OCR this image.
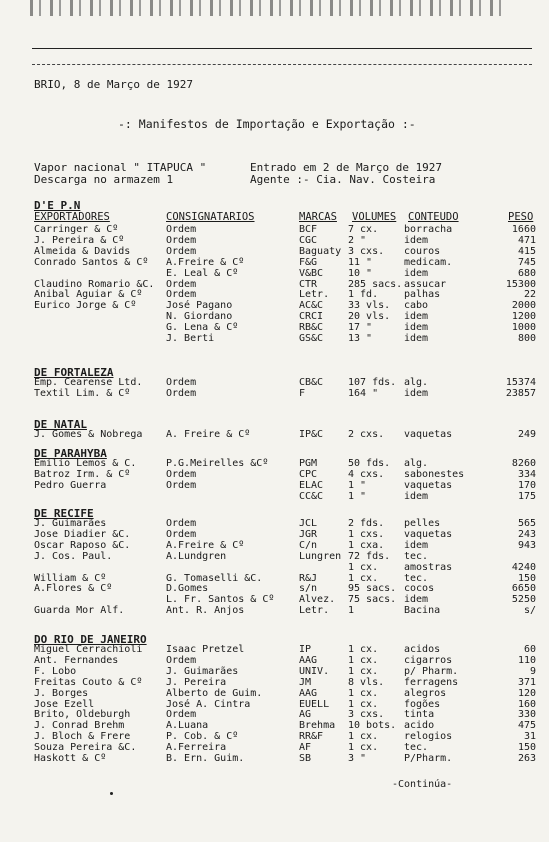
BRIO, 8 de Março de 1927
-: Manifestos de Importação e Exportação :-
Vapor nacional " ITAPUCA "
Descarga no armazem 1
Entrado em 2 de Março de 1927
Agente :- Cia. Nav. Costeira
EXPORTADORES	CONSIGNATARIOS	MARCAS VOLUMES CONTEUDO	PESO
D'E P.N
Carringer & Cº	Ordem	BCF	7 cx.	borracha	1660
J. Pereira & Cº	Ordem	CGC	2 "	idem	471
Almeida & Davids	Ordem	Baguaty 3 cxs.	couros	415
Conrado Santos & Cº	A.Freire & Cº	F&G	11 "	medicam.	745
E. Leal & Cº	V&BC	10 "	idem	680
Claudino Romario &C.	Ordem	CTR	285 sacs. assucar	15300
Anibal Aguiar & Cº	Ordem	Letr.	1 fd.	palhas	22
Eurico Jorge & Cº	José Pagano	AC&C	33 vls.	cabo	2000
N. Giordano	CRCI	20 vls.	idem	1200
G. Lena & Cº	RB&C	17 "	idem	1000
J. Berti	GS&C	13 "	idem	800
DE FORTALEZA
Emp. Cearense Ltd.	Ordem	CB&C	107 fds. alg.	15374
Textil Lim. & Cº	Ordem	F	164 "	idem	23857
DE NATAL
J. Gomes & Nobrega	A. Freire & Cº	IP&C	2 cxs.	vaquetas	249
DE PARAHYBA
Emilio Lemos & C.	P.G.Meirelles &Cº	PGM	50 fds.	alg.	8260
Batroz Irm. & Cº	Ordem	CPC	4 cxs.	sabonestes	334
Pedro Guerra	Ordem	ELAC	1 "	vaquetas	170
CC&C	1 "	idem	175
DE RECIFE
J. Guimarães	Ordem	JCL	2 fds.	pelles	565
Jose Diadier &C.	Ordem	JGR	1 cxs.	vaquetas	243
Oscar Raposo &C.	A.Freire & Cº	C/n	1 cxa.	idem	943
J. Cos. Paul.	A.Lundgren	Lungren 72 fds.	tec.
1 cx.	amostras	4240
William & Cº	G. Tomaselli &C.	R&J	1 cx.	tec.	150
A.Flores & Cº	D.Gomes	s/n	95 sacs. cocos	6650
L. Fr. Santos & Cº	Alvez.	75 sacs. idem	5250
Guarda Mor Alf.	Ant. R. Anjos	Letr.	1	Bacina	s/
DO RIO DE JANEIRO
Miguel Cerrachioli	Isaac Pretzel	IP	1 cx.	acidos	60
Ant. Fernandes	Ordem	AAG	1 cx.	cigarros	110
F. Lobo	J. Guimarães	UNIV.	1 cx.	p/ Pharm.	9
Freitas Couto & Cº	J. Pereira	JM	8 vls.	ferragens	371
J. Borges	Alberto de Guim.	AAG	1 cx.	alegros	120
Jose Ezell	José A. Cintra	EUELL	1 cx.	fogões	160
Brito, Oldeburgh	Ordem	AG	3 cxs.	tinta	330
J. Conrad Brehm	A.Luana	Brehma	10 bots. acido	475
J. Bloch & Frere	P. Cob. & Cº	RR&F	1 cx.	relogios	31
Souza Pereira &C.	A.Ferreira	AF	1 cx.	tec.	150
Haskott & Cº	B. Ern. Guim.	SB	3 "	P/Pharm.	263
-Continúa-
